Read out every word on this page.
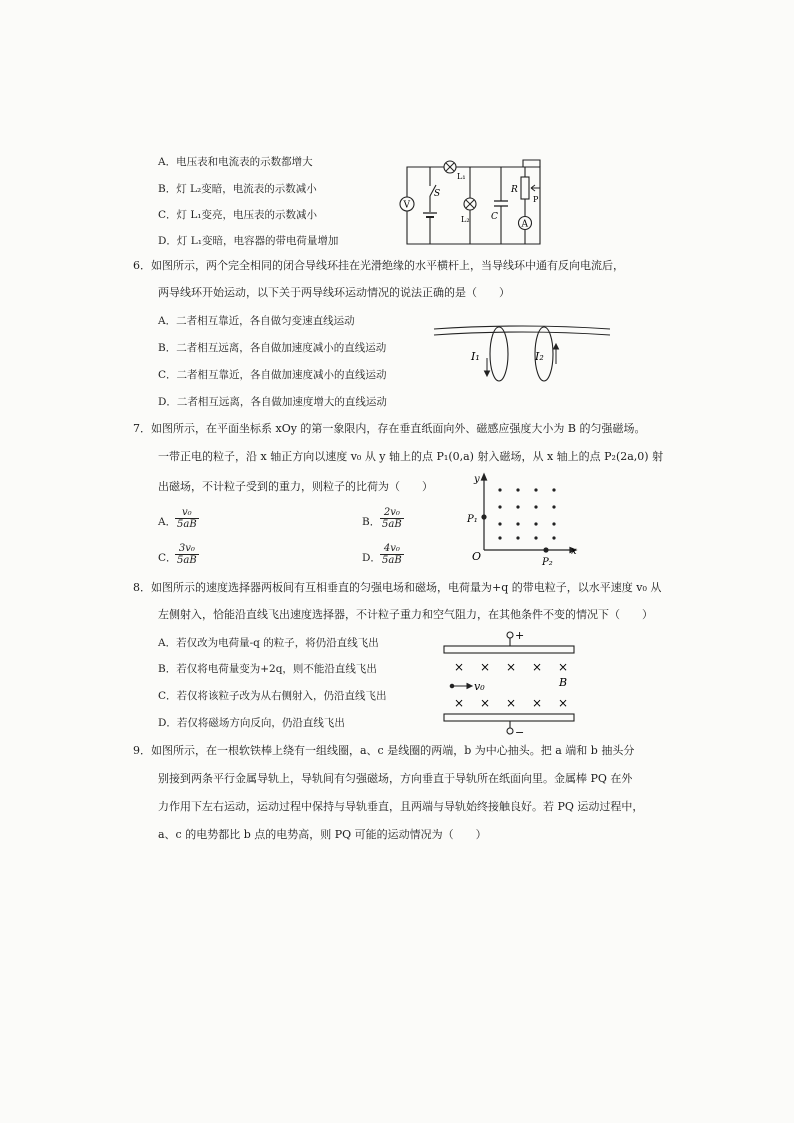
A．电压表和电流表的示数都增大
B．灯 L₂变暗，电流表的示数减小
C．灯 L₁变亮，电压表的示数减小
D．灯 L₁变暗，电容器的带电荷量增加
V
S
L₁
L₂ C
R
P
A
6．如图所示，两个完全相同的闭合导线环挂在光滑绝缘的水平横杆上，当导线环中通有反向电流后，
两导线环开始运动，以下关于两导线环运动情况的说法正确的是（　　）
A．二者相互靠近，各自做匀变速直线运动
B．二者相互远离，各自做加速度减小的直线运动
C．二者相互靠近，各自做加速度减小的直线运动
D．二者相互远离，各自做加速度增大的直线运动
I₁	I₂
7．如图所示，在平面坐标系 xOy 的第一象限内，存在垂直纸面向外、磁感应强度大小为 B 的匀强磁场。
一带正电的粒子，沿 x 轴正方向以速度 v₀ 从 y 轴上的点 P₁(0,a) 射入磁场，从 x 轴上的点 P₂(2a,0) 射
出磁场，不计粒子受到的重力，则粒子的比荷为（　　）
A．
$\frac{\text{v₀}}{5aB}$	B． $\frac{\text{2v₀}}{5aB}$
C．
$\frac{\text{3v₀}}{5aB}$	D． $\frac{\text{4v₀}}{5aB}$
y
x
O
P₁
P₂
8．如图所示的速度选择器两板间有互相垂直的匀强电场和磁场，电荷量为+q 的带电粒子，以水平速度 v₀ 从
左侧射入，恰能沿直线飞出速度选择器，不计粒子重力和空气阻力，在其他条件不变的情况下（　　）
A．若仅改为电荷量-q 的粒子，将仍沿直线飞出
B．若仅将电荷量变为+2q，则不能沿直线飞出
C．若仅将该粒子改为从右侧射入，仍沿直线飞出
D．若仅将磁场方向反向，仍沿直线飞出
+
−
× × × × ×
× × × × ×
v₀	B
9．如图所示，在一根软铁棒上绕有一组线圈，a、c 是线圈的两端，b 为中心抽头。把 a 端和 b 抽头分
别接到两条平行金属导轨上，导轨间有匀强磁场，方向垂直于导轨所在纸面向里。金属棒 PQ 在外
力作用下左右运动，运动过程中保持与导轨垂直，且两端与导轨始终接触良好。若 PQ 运动过程中，
a、c 的电势都比 b 点的电势高，则 PQ 可能的运动情况为（　　）
